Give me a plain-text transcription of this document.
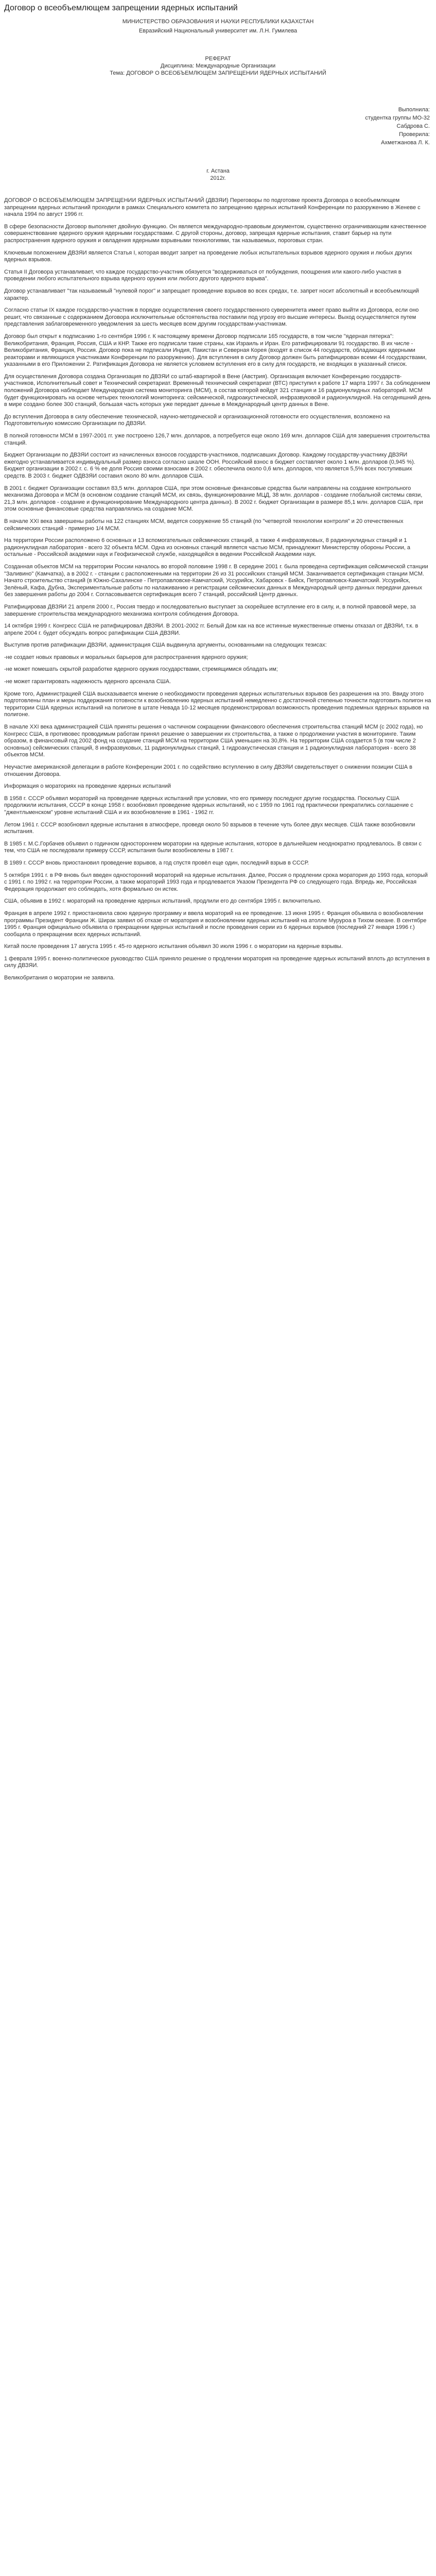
Договор о всеобъемлющем запрещении ядерных испытаний
МИНИСТЕРСТВО ОБРАЗОВАНИЯ И НАУКИ РЕСПУБЛИКИ КАЗАХСТАН
Евразийский Национальный университет им. Л.Н. Гумилева
РЕФЕРАТ
Дисциплина: Международные Организации
Тема: ДОГОВОР О ВСЕОБЪЕМЛЮЩЕМ ЗАПРЕЩЕНИИ ЯДЕРНЫХ ИСПЫТАНИЙ
Выполнила:
студентка группы МО-32
Сабдрова С.
Проверила:
Ахметжанова Л. К.
г. Астана
2012г.

ДОГОВОР О ВСЕОБЪЕМЛЮЩЕМ ЗАПРЕЩЕНИИ ЯДЕРНЫХ ИСПЫТАНИЙ (ДВЗЯИ) Переговоры по подготовке проекта Договора о всеобъемлющем запрещении ядерных испытаний проходили в рамках Специального комитета по запрещению ядерных испытаний Конференции по разоружению в Женеве с начала 1994 по август 1996 гг.

В сфере безопасности Договор выполняет двойную функцию. Он является международно-правовым документом, существенно ограничивающим качественное совершенствование ядерного оружия ядерными государствами. С другой стороны, договор, запрещая ядерные испытания, ставит барьер на пути распространения ядерного оружия и овладения ядерными взрывными технологиями, так называемых, пороговых стран.

Ключевым положением ДВЗЯИ является Статья I, которая вводит запрет на проведение любых испытательных взрывов ядерного оружия и любых других ядерных взрывов.

Статья II Договора устанавливает, что каждое государство-участник обязуется "воздерживаться от побуждения, поощрения или какого-либо участия в проведении любого испытательного взрыва ядерного оружия или любого другого ядерного взрыва".

Договор устанавливает "так называемый "нулевой порог" и запрещает проведение взрывов во всех средах, т.е. запрет носит абсолютный и всеобъемлющий характер.

Согласно статьи IX каждое государство-участник в порядке осуществления своего государственного суверенитета имеет право выйти из Договора, если оно решит, что связанные с содержанием Договора исключительные обстоятельства поставили под угрозу его высшие интересы. Выход осуществляется путем представления заблаговременного уведомления за шесть месяцев всем другим государствам-участникам.

Договор был открыт к подписанию 1-го сентября 1996 г. К настоящему времени Договор подписали 165 государств, в том числе "ядерная пятерка": Великобритания, Франция, Россия, США и КНР. Также его подписали такие страны, как Израиль и Иран. Его ратифицировали 91 государство. В их числе - Великобритания, Франция, Россия. Договор пока не подписали Индия, Пакистан и Северная Корея (входят в список 44 государств, обладающих ядерными реакторами и являющихся участниками Конференции по разоружению). Для вступления в силу Договор должен быть ратифицирован всеми 44 государствами, указанными в его Приложении 2. Ратификация Договора не является условием вступления его в силу для государств, не входящих в указанный список.

Для осуществления Договора создана Организация по ДВЗЯИ со штаб-квартирой в Вене (Австрия). Организация включает Конференцию государств-участников, Исполнительный совет и Технический секретариат. Временный технический секретариат (ВТС) приступил к работе 17 марта 1997 г. За соблюдением положений Договора наблюдает Международная система мониторинга (МСМ), в состав которой войдут 321 станция и 16 радионуклидных лабораторий. МСМ будет функционировать на основе четырех технологий мониторинга: сейсмической, гидроакустической, инфразвуковой и радионуклидной. На сегодняшний день в мире создано более 300 станций, большая часть которых уже передает данные в Международный центр данных в Вене.

До вступления Договора в силу обеспечение технической, научно-методической и организационной готовности его осуществления, возложено на Подготовительную комиссию Организации по ДВЗЯИ.

В полной готовности МСМ в 1997-2001 гг. уже построено 126,7 млн. долларов, а потребуется еще около 169 млн. долларов США для завершения строительства станций.

Бюджет Организации по ДВЗЯИ состоит из начисленных взносов государств-участников, подписавших Договор. Каждому государству-участнику ДВЗЯИ ежегодно устанавливается индивидуальный размер взноса согласно шкале ООН. Российский взнос в бюджет составляет около 1 млн. долларов (0,945 %). Бюджет организации в 2002 г. с. 6 % ее доля Россия своими взносами в 2002 г. обеспечила около 0,6 млн. долларов, что является 5,5% всех поступивших средств. В 2003 г. бюджет ОДВЗЯИ составил около 80 млн. долларов США.

В 2001 г. бюджет Организации составил 83,5 млн. долларов США, при этом основные финансовые средства были направлены на создание контрольного механизма Договора и МСМ (в основном создание станций МСМ, их связь, функционирование МЦД, 38 млн. долларов - создание глобальной системы связи, 21,3 млн. долларов - создание и функционирование Международного центра данных). В 2002 г. бюджет Организации в размере 85,1 млн. долларов США, при этом основные финансовые средства направлялись на создание МСМ.

В начале XXI века завершены работы на 122 станциях МСМ, ведется сооружение 55 станций (по "четвертой технологии контроля" и 20 отечественных сейсмических станций - примерно 1/4 МСМ.

На территории России расположено 6 основных и 13 вспомогательных сейсмических станций, а также 4 инфразвуковых, 8 радионуклидных станций и 1 радионуклидная лаборатория - всего 32 объекта МСМ. Одна из основных станций является частью МСМ, принадлежит Министерству обороны России, а остальные - Российской академии наук и Геофизической службе, находящейся в ведении Российской Академии наук.

Созданная объектов МСМ на территории России началось во второй половине 1998 г. В середине 2001 г. была проведена сертификация сейсмической станции "Заливино" (Камчатка), а в 2002 г. - станции с расположенными на территории 26 из 31 российских станций МСМ. Заканчивается сертификация станции МСМ. Начато строительство станций (в Южно-Сахалинске - Петропавловске-Камчатский, Уссурийск, Хабаровск - Бийск, Петропавловск-Камчатский. Уссурийск, Зелёный, Кафа, Дубна, Экспериментальные работы по налаживанию и регистрации сейсмических данных в Международный центр данных передачи данных без завершения работы до 2004 г. Согласовывается сертификация всего 7 станций, российский Центр данных.

Ратифицировав ДВЗЯИ 21 апреля 2000 г., Россия твердо и последовательно выступает за скорейшее вступление его в силу, и, в полной правовой мере, за завершение строительства международного механизма контроля соблюдения Договора.

14 октября 1999 г. Конгресс США не ратифицировал ДВЗЯИ. В 2001-2002 гг. Белый Дом как на все истинные мужественные отмены отказал от ДВЗЯИ, т.к. в апреле 2004 г. будет обсуждать вопрос ратификации США ДВЗЯИ.

Выступив против ратификации ДВЗЯИ, администрация США выдвинула аргументы, основанными на следующих тезисах:

-не создает новых правовых и моральных барьеров для распространения ядерного оружия;

-не может помешать скрытой разработке ядерного оружия государствами, стремящимися обладать им;

-не может гарантировать надежность ядерного арсенала США.

Кроме того, Администрацией США высказывается мнение о необходимости проведения ядерных испытательных взрывов без разрешения на это. Ввиду этого подготовлены план и меры поддержания готовности к возобновлению ядерных испытаний немедленно с достаточной степенью точности подготовить полигон на территории США ядерных испытаний на полигоне в штате Невада 10-12 месяцев продемонстрировал возможность проведения подземных ядерных взрывов на полигоне.

В начале XXI века администрацией США приняты решения о частичном сокращении финансового обеспечения строительства станций МСМ (с 2002 года), но Конгресс США, в противовес проводимым работам принял решение о завершении их строительства, а также о продолжении участия в мониторинге. Таким образом, в финансовый год 2002 фонд на создание станций МСМ на территории США уменьшен на 30,8%. На территории США создается 5 (в том числе 2 основных) сейсмических станций, 8 инфразвуковых, 11 радионуклидных станций, 1 гидроакустическая станция и 1 радионуклидная лаборатория - всего 38 объектов МСМ.

Неучастие американской делегации в работе Конференции 2001 г. по содействию вступлению в силу ДВЗЯИ свидетельствует о снижении позиции США в отношении Договора.

Информация о мораториях на проведение ядерных испытаний

В 1958 г. СССР объявил мораторий на проведение ядерных испытаний при условии, что его примеру последуют другие государства. Поскольку США продолжили испытания, СССР в конце 1958 г. возобновил проведение ядерных испытаний, но с 1959 по 1961 год практически прекратились соглашение с "джентльменском" уровне испытаний США и их возобновление в 1961 - 1962 гг.

Летом 1961 г. СССР возобновил ядерные испытания в атмосфере, проведя около 50 взрывов в течение чуть более двух месяцев. США также возобновили испытания.

В 1985 г. М.С.Горбачев объявил о годичном одностороннем моратории на ядерные испытания, которое в дальнейшем неоднократно продлевалось. В связи с тем, что США не последовали примеру СССР, испытания были возобновлены в 1987 г.

В 1989 г. СССР вновь приостановил проведение взрывов, а год спустя провёл еще один, последний взрыв в СССР.

5 октября 1991 г. в РФ вновь был введен односторонний мораторий на ядерные испытания. Далее, Россия о продлении срока моратория до 1993 года, который с 1991 г. по 1992 г. на территории России, а также мораторий 1993 года и продлевается Указом Президента РФ со следующего года. Впредь же, Российская Федерация продолжает его соблюдать, хотя формально он истек.

США, объявив в 1992 г. мораторий на проведение ядерных испытаний, продлили его до сентября 1995 г. включительно.

Франция в апреле 1992 г. приостановила свою ядерную программу и ввела мораторий на ее проведение. 13 июня 1995 г. Франция объявила о возобновлении программы Президент Франции Ж. Ширак заявил об отказе от моратория и возобновлении ядерных испытаний на атолле Муруроа в Тихом океане. В сентябре 1995 г. Франция официально объявила о прекращении ядерных испытаний и после проведения серии из 6 ядерных взрывов (последний 27 января 1996 г.) сообщила о прекращении всех ядерных испытаний.

Китай после проведения 17 августа 1995 г. 45-го ядерного испытания объявил 30 июля 1996 г. о моратории на ядерные взрывы.

1 февраля 1995 г. военно-политическое руководство США приняло решение о продлении моратория на проведение ядерных испытаний вплоть до вступления в силу ДВЗЯИ.

Великобритания о моратории не заявила.
